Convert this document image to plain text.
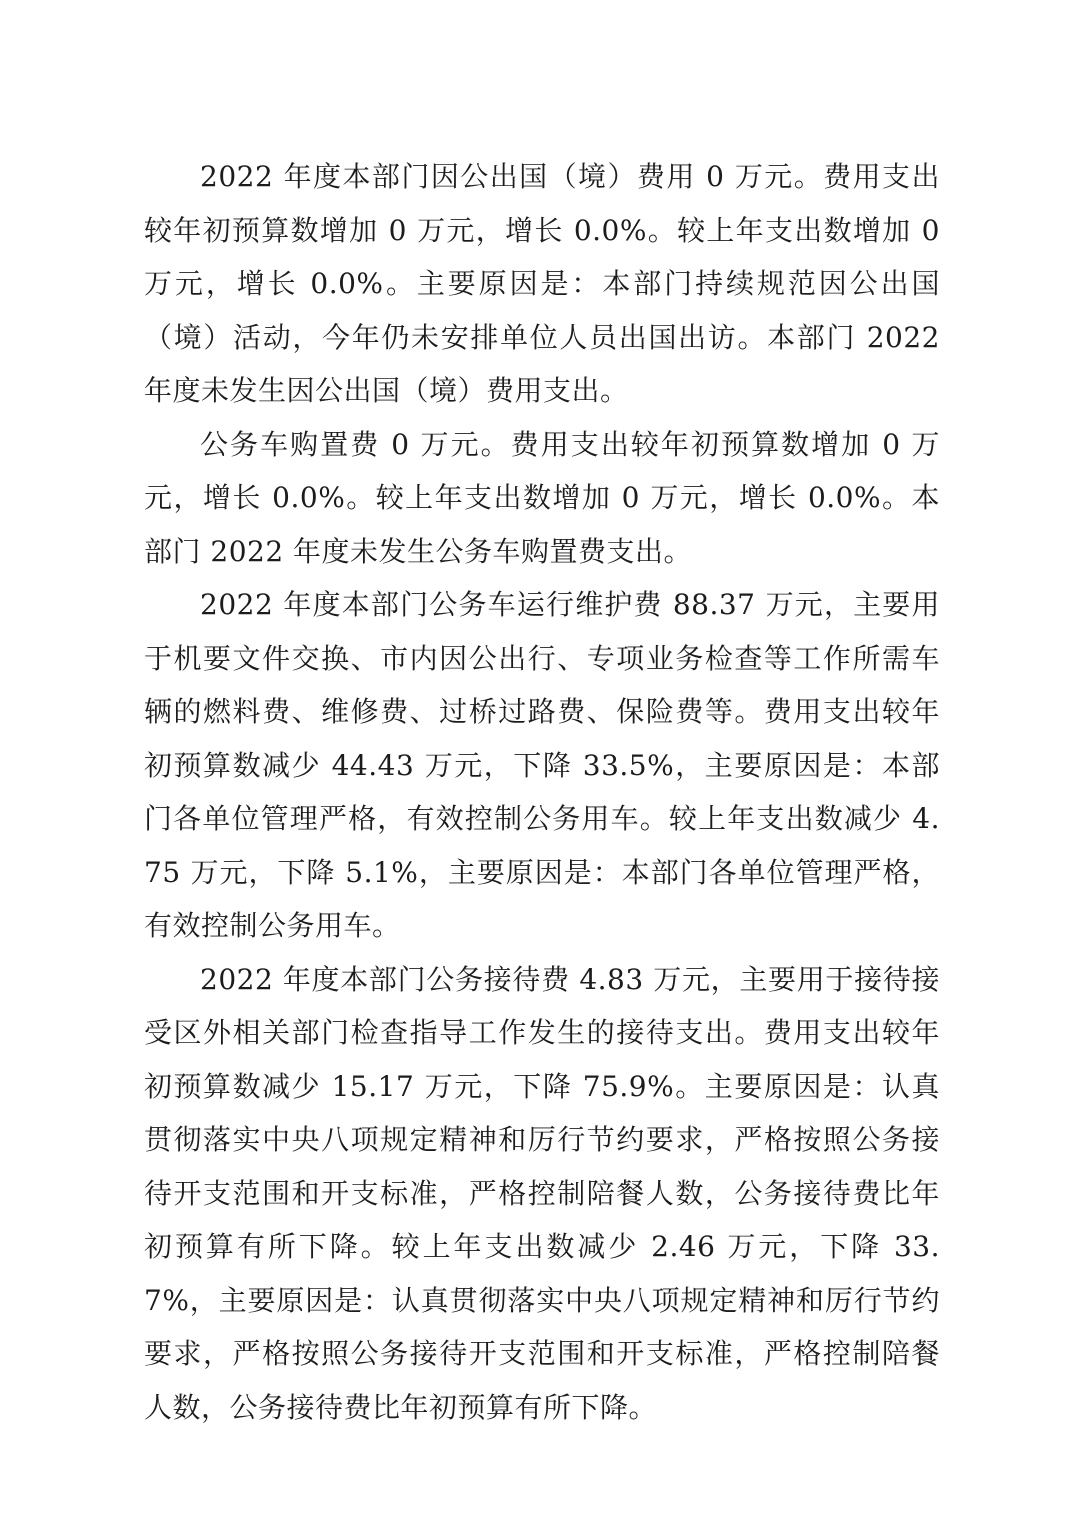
2022 年度本部门因公出国（境）费用 0 万元。费用支出较年初预算数增加 0 万元，增长 0.0%。较上年支出数增加 0 万元，增长 0.0%。主要原因是：本部门持续规范因公出国（境）活动，今年仍未安排单位人员出国出访。本部门 2022 年度未发生因公出国（境）费用支出。

公务车购置费 0 万元。费用支出较年初预算数增加 0 万元，增长 0.0%。较上年支出数增加 0 万元，增长 0.0%。本部门 2022 年度未发生公务车购置费支出。

2022 年度本部门公务车运行维护费 88.37 万元，主要用于机要文件交换、市内因公出行、专项业务检查等工作所需车辆的燃料费、维修费、过桥过路费、保险费等。费用支出较年初预算数减少 44.43 万元，下降 33.5%，主要原因是：本部门各单位管理严格，有效控制公务用车。较上年支出数减少 4.75 万元，下降 5.1%，主要原因是：本部门各单位管理严格，有效控制公务用车。

2022 年度本部门公务接待费 4.83 万元，主要用于接待接受区外相关部门检查指导工作发生的接待支出。费用支出较年初预算数减少 15.17 万元，下降 75.9%。主要原因是：认真贯彻落实中央八项规定精神和厉行节约要求，严格按照公务接待开支范围和开支标准，严格控制陪餐人数，公务接待费比年初预算有所下降。较上年支出数减少 2.46 万元，下降 33.7%，主要原因是：认真贯彻落实中央八项规定精神和厉行节约要求，严格按照公务接待开支范围和开支标准，严格控制陪餐人数，公务接待费比年初预算有所下降。
